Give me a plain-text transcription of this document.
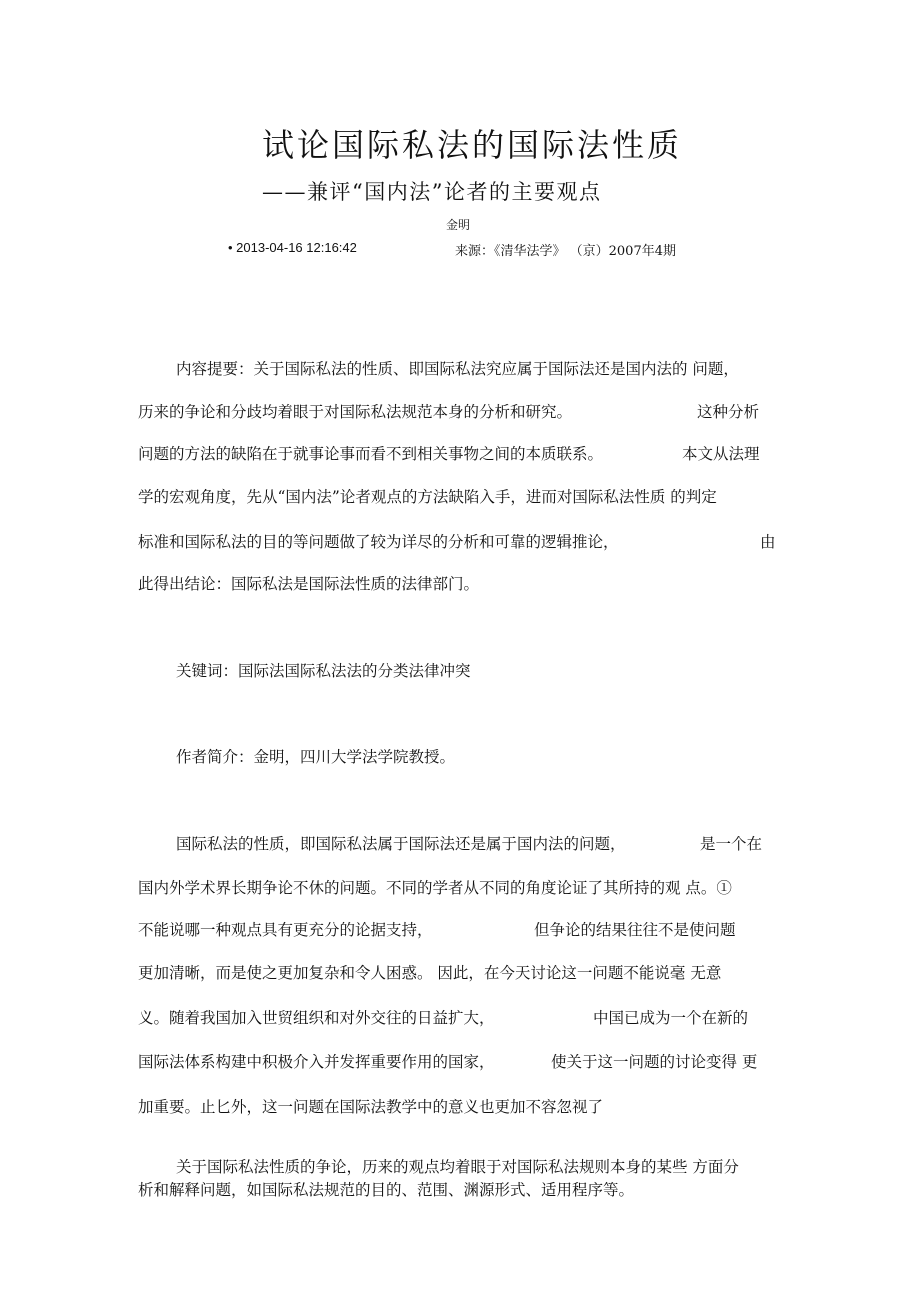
试论国际私法的国际法性质
——兼评“国内法”论者的主要观点
金明
• 2013-04-16 12:16:42	来源：《清华法学》 （京）2007年4期
内容提要：关于国际私法的性质、即国际私法究应属于国际法还是国内法的 问题，
历来的争论和分歧均着眼于对国际私法规范本身的分析和研究。	这种分析
问题的方法的缺陷在于就事论事而看不到相关事物之间的本质联系。	本文从法理
学的宏观角度，先从“国内法”论者观点的方法缺陷入手，进而对国际私法性质 的判定
标准和国际私法的目的等问题做了较为详尽的分析和可靠的逻辑推论，	由
此得出结论：国际私法是国际法性质的法律部门。
关键词：国际法国际私法法的分类法律冲突
作者简介：金明，四川大学法学院教授。
国际私法的性质，即国际私法属于国际法还是属于国内法的问题，	是一个在
国内外学术界长期争论不休的问题。不同的学者从不同的角度论证了其所持的观 点。①
不能说哪一种观点具有更充分的论据支持，	但争论的结果往往不是使问题
更加清晰，而是使之更加复杂和令人困惑。 因此，在今天讨论这一问题不能说毫 无意
义。随着我国加入世贸组织和对外交往的日益扩大，	中国已成为一个在新的
国际法体系构建中积极介入并发挥重要作用的国家，	使关于这一问题的讨论变得 更
加重要。止匕外，这一问题在国际法教学中的意义也更加不容忽视了
关于国际私法性质的争论，历来的观点均着眼于对国际私法规则本身的某些 方面分
析和解释问题，如国际私法规范的目的、范围、渊源形式、适用程序等。
